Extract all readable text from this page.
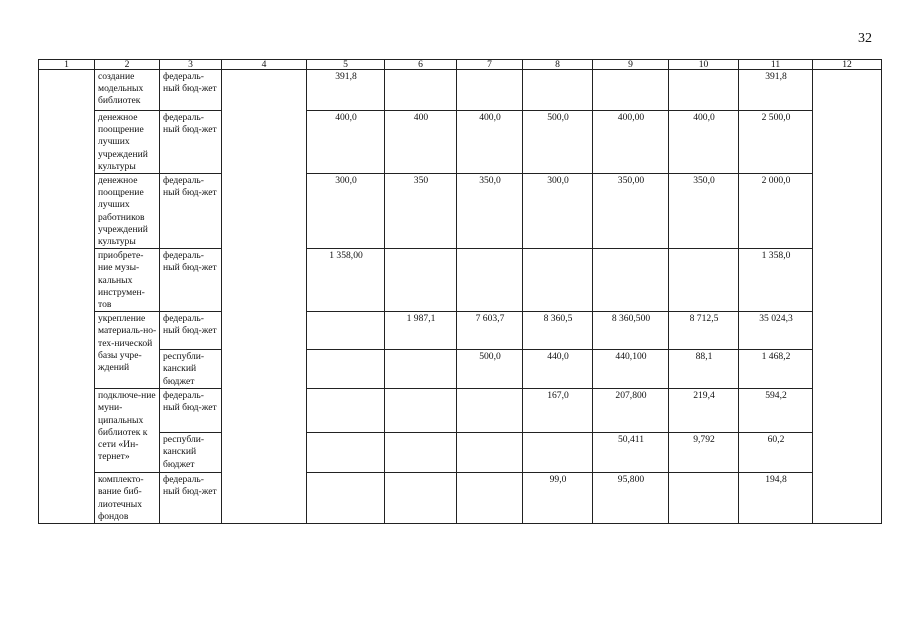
32
1	2	3	4	5	6	7	8	9	10	11	12
	создание модельных библиотек	федераль-ный бюд-жет		391,8						391,8	
	денежное поощрение лучших учреждений культуры	федераль-ный бюд-жет		400,0	400	400,0	500,0	400,00	400,0	2 500,0	
	денежное поощрение лучших работников учреждений культуры	федераль-ный бюд-жет		300,0	350	350,0	300,0	350,00	350,0	2 000,0	
	приобрете-ние музы-кальных инструмен-тов	федераль-ный бюд-жет		1 358,00						1 358,0	
	укрепление материаль-но-тех-нической базы учре-ждений	федераль-ный бюд-жет			1 987,1	7 603,7	8 360,5	8 360,500	8 712,5	35 024,3	
		республи-канский бюджет				500,0	440,0	440,100	88,1	1 468,2	
	подключе-ние муни-ципальных библиотек к сети «Ин-тернет»	федераль-ный бюд-жет					167,0	207,800	219,4	594,2	
		республи-канский бюджет						50,411	9,792	60,2	
	комплекто-вание биб-лиотечных фондов	федераль-ный бюд-жет					99,0	95,800		194,8	
